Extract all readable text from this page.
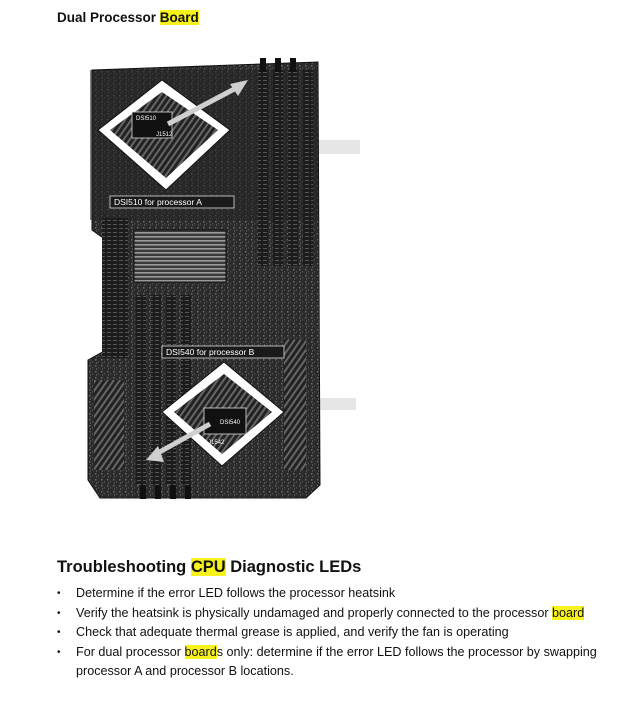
Dual Processor Board
DSI510
J1512
DSI510 for processor A
DSI540 for processor B
DSI540
J1542
Troubleshooting CPU Diagnostic LEDs
• Determine if the error LED follows the processor heatsink
• Verify the heatsink is physically undamaged and properly connected to the processor board
• Check that adequate thermal grease is applied, and verify the fan is operating
• For dual processor boards only: determine if the error LED follows the processor by swapping processor A and processor B locations.
